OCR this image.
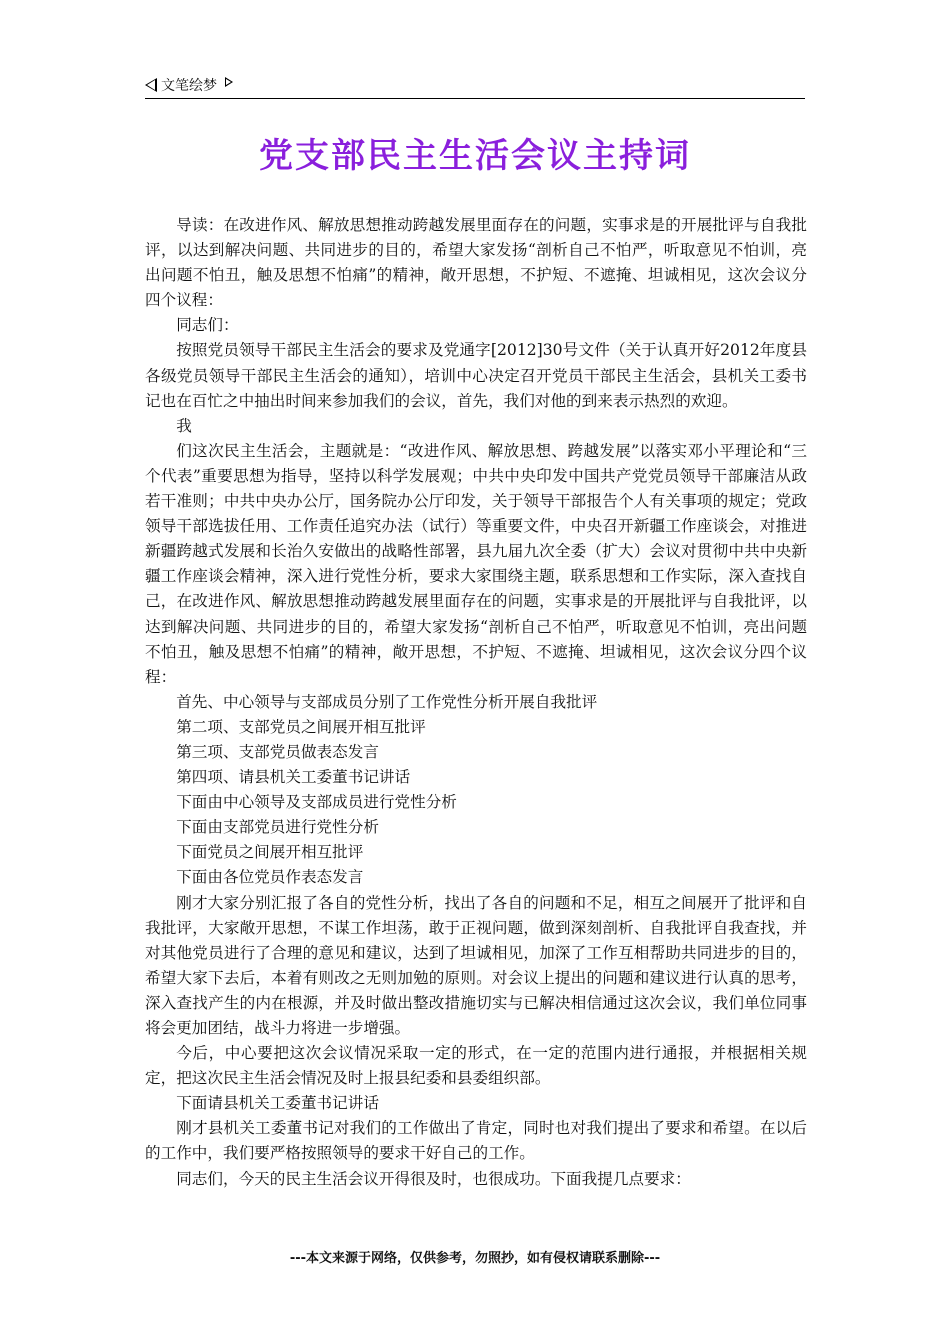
文笔绘梦
党支部民主生活会议主持词

导读：在改进作风、解放思想推动跨越发展里面存在的问题，实事求是的开展批评与自我批评，以达到解决问题、共同进步的目的，希望大家发扬“剖析自己不怕严，听取意见不怕训，亮出问题不怕丑，触及思想不怕痛”的精神，敞开思想，不护短、不遮掩、坦诚相见，这次会议分四个议程：

同志们：

按照党员领导干部民主生活会的要求及党通字[2012]30号文件（关于认真开好2012年度县各级党员领导干部民主生活会的通知），培训中心决定召开党员干部民主生活会，县机关工委书记也在百忙之中抽出时间来参加我们的会议，首先，我们对他的到来表示热烈的欢迎。

我

们这次民主生活会，主题就是：“改进作风、解放思想、跨越发展”以落实邓小平理论和“三个代表”重要思想为指导，坚持以科学发展观；中共中央印发中国共产党党员领导干部廉洁从政若干准则；中共中央办公厅，国务院办公厅印发，关于领导干部报告个人有关事项的规定；党政领导干部选拔任用、工作责任追究办法（试行）等重要文件，中央召开新疆工作座谈会，对推进新疆跨越式发展和长治久安做出的战略性部署，县九届九次全委（扩大）会议对贯彻中共中央新疆工作座谈会精神，深入进行党性分析，要求大家围绕主题，联系思想和工作实际，深入查找自己，在改进作风、解放思想推动跨越发展里面存在的问题，实事求是的开展批评与自我批评，以达到解决问题、共同进步的目的，希望大家发扬“剖析自己不怕严，听取意见不怕训，亮出问题不怕丑，触及思想不怕痛”的精神，敞开思想，不护短、不遮掩、坦诚相见，这次会议分四个议程：

首先、中心领导与支部成员分别了工作党性分析开展自我批评

第二项、支部党员之间展开相互批评

第三项、支部党员做表态发言

第四项、请县机关工委董书记讲话

下面由中心领导及支部成员进行党性分析

下面由支部党员进行党性分析

下面党员之间展开相互批评

下面由各位党员作表态发言

刚才大家分别汇报了各自的党性分析，找出了各自的问题和不足，相互之间展开了批评和自我批评，大家敞开思想，不谋工作坦荡，敢于正视问题，做到深刻剖析、自我批评自我查找，并对其他党员进行了合理的意见和建议，达到了坦诚相见，加深了工作互相帮助共同进步的目的，希望大家下去后，本着有则改之无则加勉的原则。对会议上提出的问题和建议进行认真的思考，深入查找产生的内在根源，并及时做出整改措施切实与已解决相信通过这次会议，我们单位同事将会更加团结，战斗力将进一步增强。

今后，中心要把这次会议情况采取一定的形式，在一定的范围内进行通报，并根据相关规定，把这次民主生活会情况及时上报县纪委和县委组织部。

下面请县机关工委董书记讲话

刚才县机关工委董书记对我们的工作做出了肯定，同时也对我们提出了要求和希望。在以后的工作中，我们要严格按照领导的要求干好自己的工作。

同志们，今天的民主生活会议开得很及时，也很成功。下面我提几点要求：

---本文来源于网络，仅供参考，勿照抄，如有侵权请联系删除---
